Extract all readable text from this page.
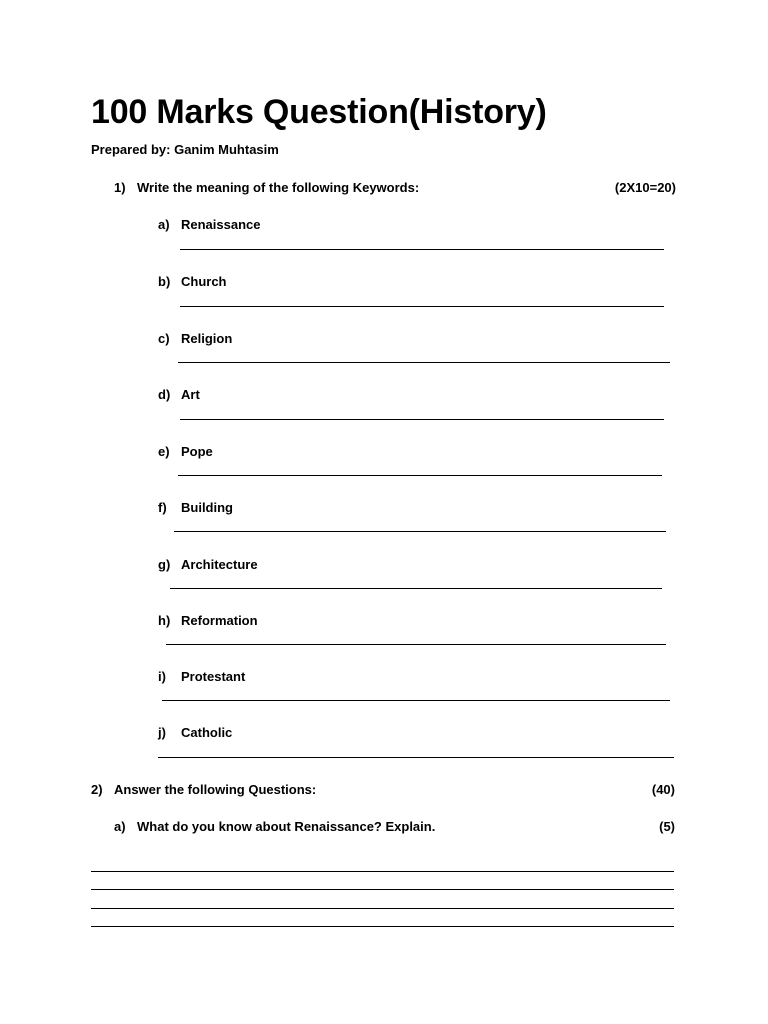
100 Marks Question(History)
Prepared by: Ganim Muhtasim
1) Write the meaning of the following Keywords:	(2X10=20)
a) Renaissance
b) Church
c) Religion
d) Art
e) Pope
f) Building
g) Architecture
h) Reformation
i) Protestant
j) Catholic
2) Answer the following Questions:	(40)
a) What do you know about Renaissance? Explain.	(5)
